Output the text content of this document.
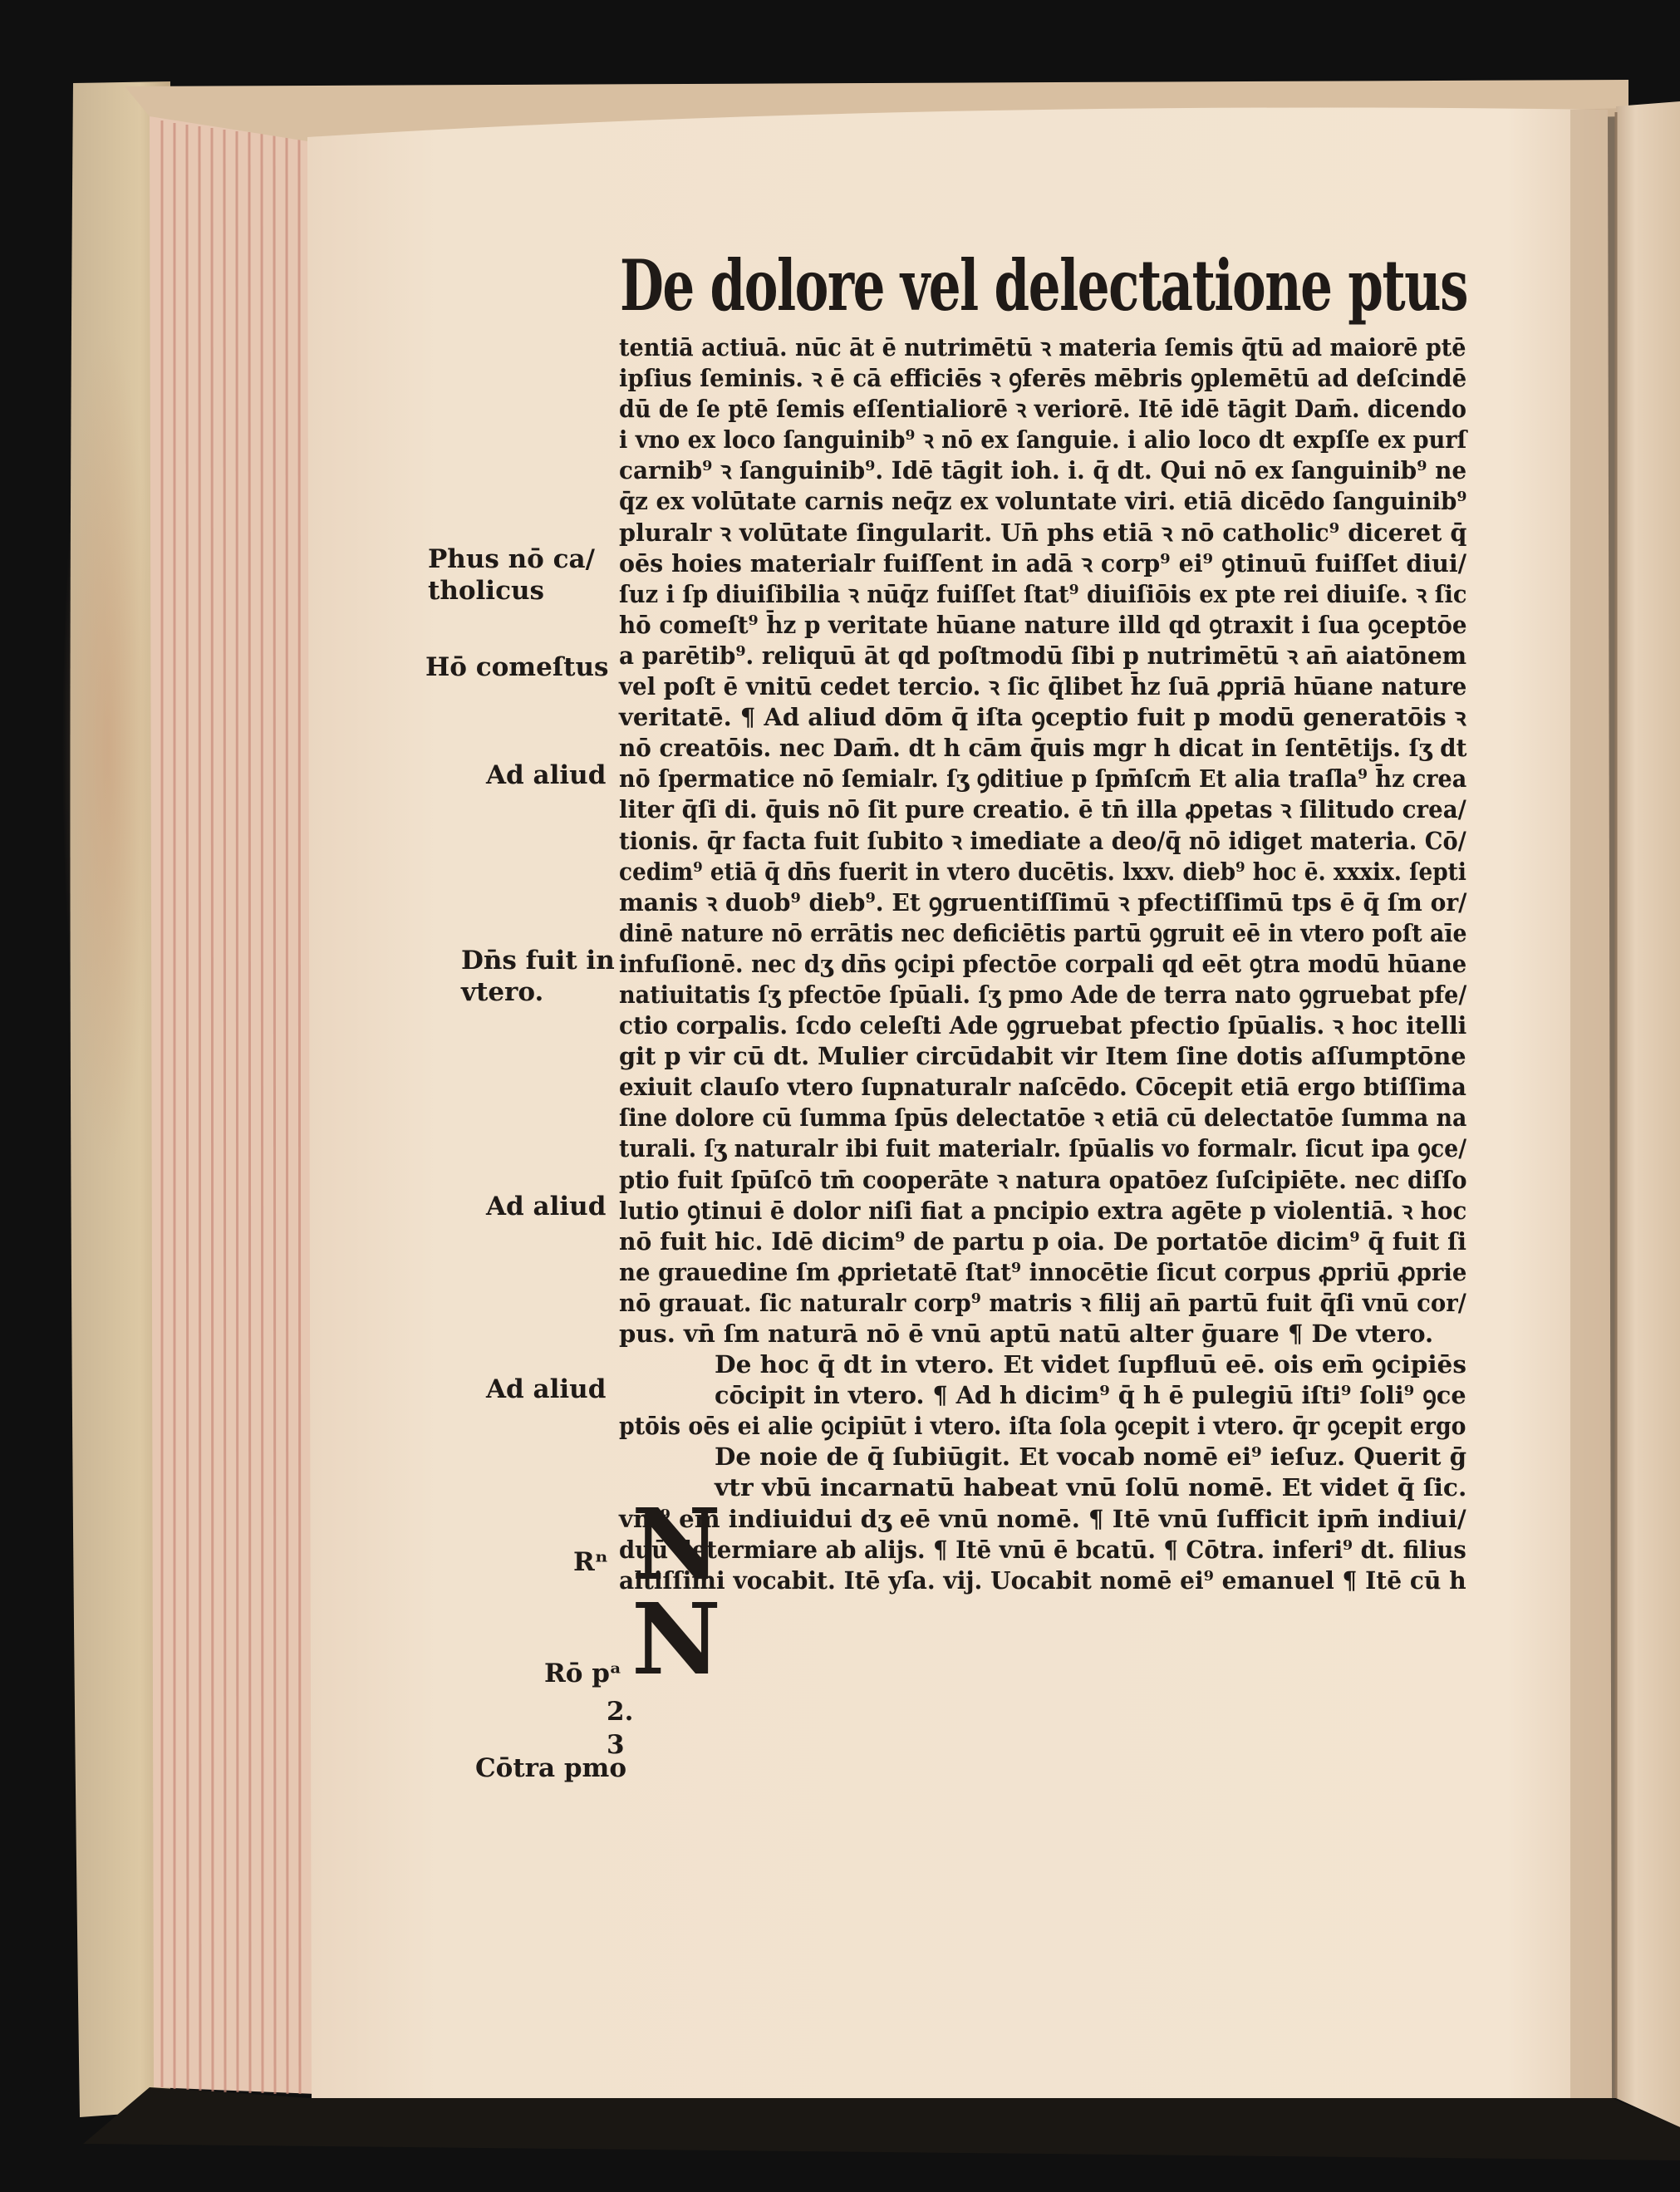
De dolore vel delectatione ptus
tentiā actiuā. nūc āt ē nutrimētū ꝛ materia ſemis q̄tū ad maiorē ptē
ipſius ſeminis. ꝛ ē cā efficiēs ꝛ ꝯferēs mēbris ꝯplemētū ad deſcindē
dū de ſe ptē ſemis eſſentialiorē ꝛ veriorē. Itē idē tāgit Dam̄. dicendo
i vno ex loco ſanguinib⁹ ꝛ nō ex ſanguie. i alio loco dt expſſe ex purſ
carnib⁹ ꝛ ſanguinib⁹. Idē tāgit ioh. i. q̄ dt. Qui nō ex ſanguinib⁹ ne
q̄z ex volūtate carnis neq̄z ex voluntate viri. etiā dicēdo ſanguinib⁹
pluralr ꝛ volūtate ſingularit. Un̄ phs etiā ꝛ nō catholic⁹ diceret q̄
oēs hoies materialr fuiſſent in adā ꝛ corp⁹ ei⁹ ꝯtinuū fuiſſet diui/
ſuz i ſp diuiſibilia ꝛ nūq̄z fuiſſet ſtat⁹ diuiſiōis ex pte rei diuiſe. ꝛ ſic
hō comeſt⁹ h̄z p veritate hūane nature illd qd ꝯtraxit i ſua ꝯceptōe
a parētib⁹. reliquū āt qd poſtmodū ſibi p nutrimētū ꝛ an̄ aiatōnem
vel poſt ē vnitū cedet tercio. ꝛ ſic q̄libet h̄z ſuā ꝓpriā hūane nature
veritatē. ¶ Ad aliud dōm q̄ iſta ꝯceptio fuit p modū generatōis ꝛ
nō creatōis. nec Dam̄. dt h cām q̄uis mgr h dicat in ſentētijs. ſʒ dt
nō ſpermatice nō ſemialr. ſʒ ꝯditiue p ſpm̄ſcm̄ Et alia traſla⁹ h̄z crea
liter q̄ſi di. q̄uis nō ſit pure creatio. ē tn̄ illa ꝓpetas ꝛ ſilitudo crea/
tionis. q̄r facta fuit ſubito ꝛ imediate a deo/q̄ nō idiget materia. Cō/
cedim⁹ etiā q̄ dn̄s fuerit in vtero ducētis. lxxv. dieb⁹ hoc ē. xxxix. ſepti
manis ꝛ duob⁹ dieb⁹. Et ꝯgruentiſſimū ꝛ pfectiſſimū tps ē q̄ ſm or/
dinē nature nō errātis nec deficiētis partū ꝯgruit eē in vtero poſt aīe
infuſionē. nec dʒ dn̄s ꝯcipi pfectōe corpali qd eēt ꝯtra modū hūane
natiuitatis ſʒ pfectōe ſpūali. ſʒ pmo Ade de terra nato ꝯgruebat pfe/
ctio corpalis. ſcdo celeſti Ade ꝯgruebat pfectio ſpūalis. ꝛ hoc itelli
git p vir cū dt. Mulier circūdabit vir Item ſine dotis aſſumptōne
exiuit clauſo vtero ſupnaturalr naſcēdo. Cōcepit etiā ergo btiſſima
ſine dolore cū ſumma ſpūs delectatōe ꝛ etiā cū delectatōe ſumma na
turali. ſʒ naturalr ibi fuit materialr. ſpūalis vo formalr. ſicut ipa ꝯce/
ptio fuit ſpūſcō tm̄ cooperāte ꝛ natura opatōez ſuſcipiēte. nec diſſo
lutio ꝯtinui ē dolor niſi fiat a pncipio extra agēte p violentiā. ꝛ hoc
nō fuit hic. Idē dicim⁹ de partu p oia. De portatōe dicim⁹ q̄ fuit ſi
ne grauedine ſm ꝓprietatē ſtat⁹ innocētie ſicut corpus ꝓpriū ꝓprie
nō grauat. ſic naturalr corp⁹ matris ꝛ filij an̄ partū fuit q̄ſi vnū cor/
pus. vn̄ ſm naturā nō ē vnū aptū natū alter ḡuare ¶ De vtero.
De hoc q̄ dt in vtero. Et videt ſupfluū eē. ois em̄ ꝯcipiēs
cōcipit in vtero. ¶ Ad h dicim⁹ q̄ h ē pulegiū iſti⁹ ſoli⁹ ꝯce
ptōis oēs ei alie ꝯcipiūt i vtero. iſta ſola ꝯcepit i vtero. q̄r ꝯcepit ergo
De noie de q̄ ſubiūgit. Et vocab nomē ei⁹ ieſuz. Querit ḡ
vtr vbū incarnatū habeat vnū ſolū nomē. Et videt q̄ ſic.
vni⁹ em̄ indiuidui dʒ eē vnū nomē. ¶ Itē vnū ſufficit ipm̄ indiui/
duū determiare ab alijs. ¶ Itē vnū ē bcatū. ¶ Cōtra. inferi⁹ dt. filius
altiſſimi vocabit. Itē yſa. vij. Uocabit nomē ei⁹ emanuel ¶ Itē cū h
N
N
Phus nō ca/
tholicus
Hō comeſtus
Ad aliud
Dn̄s fuit in
vtero.
Ad aliud
Ad aliud
Rⁿ
Rō pᵃ
2.
3
Cōtra pmo
